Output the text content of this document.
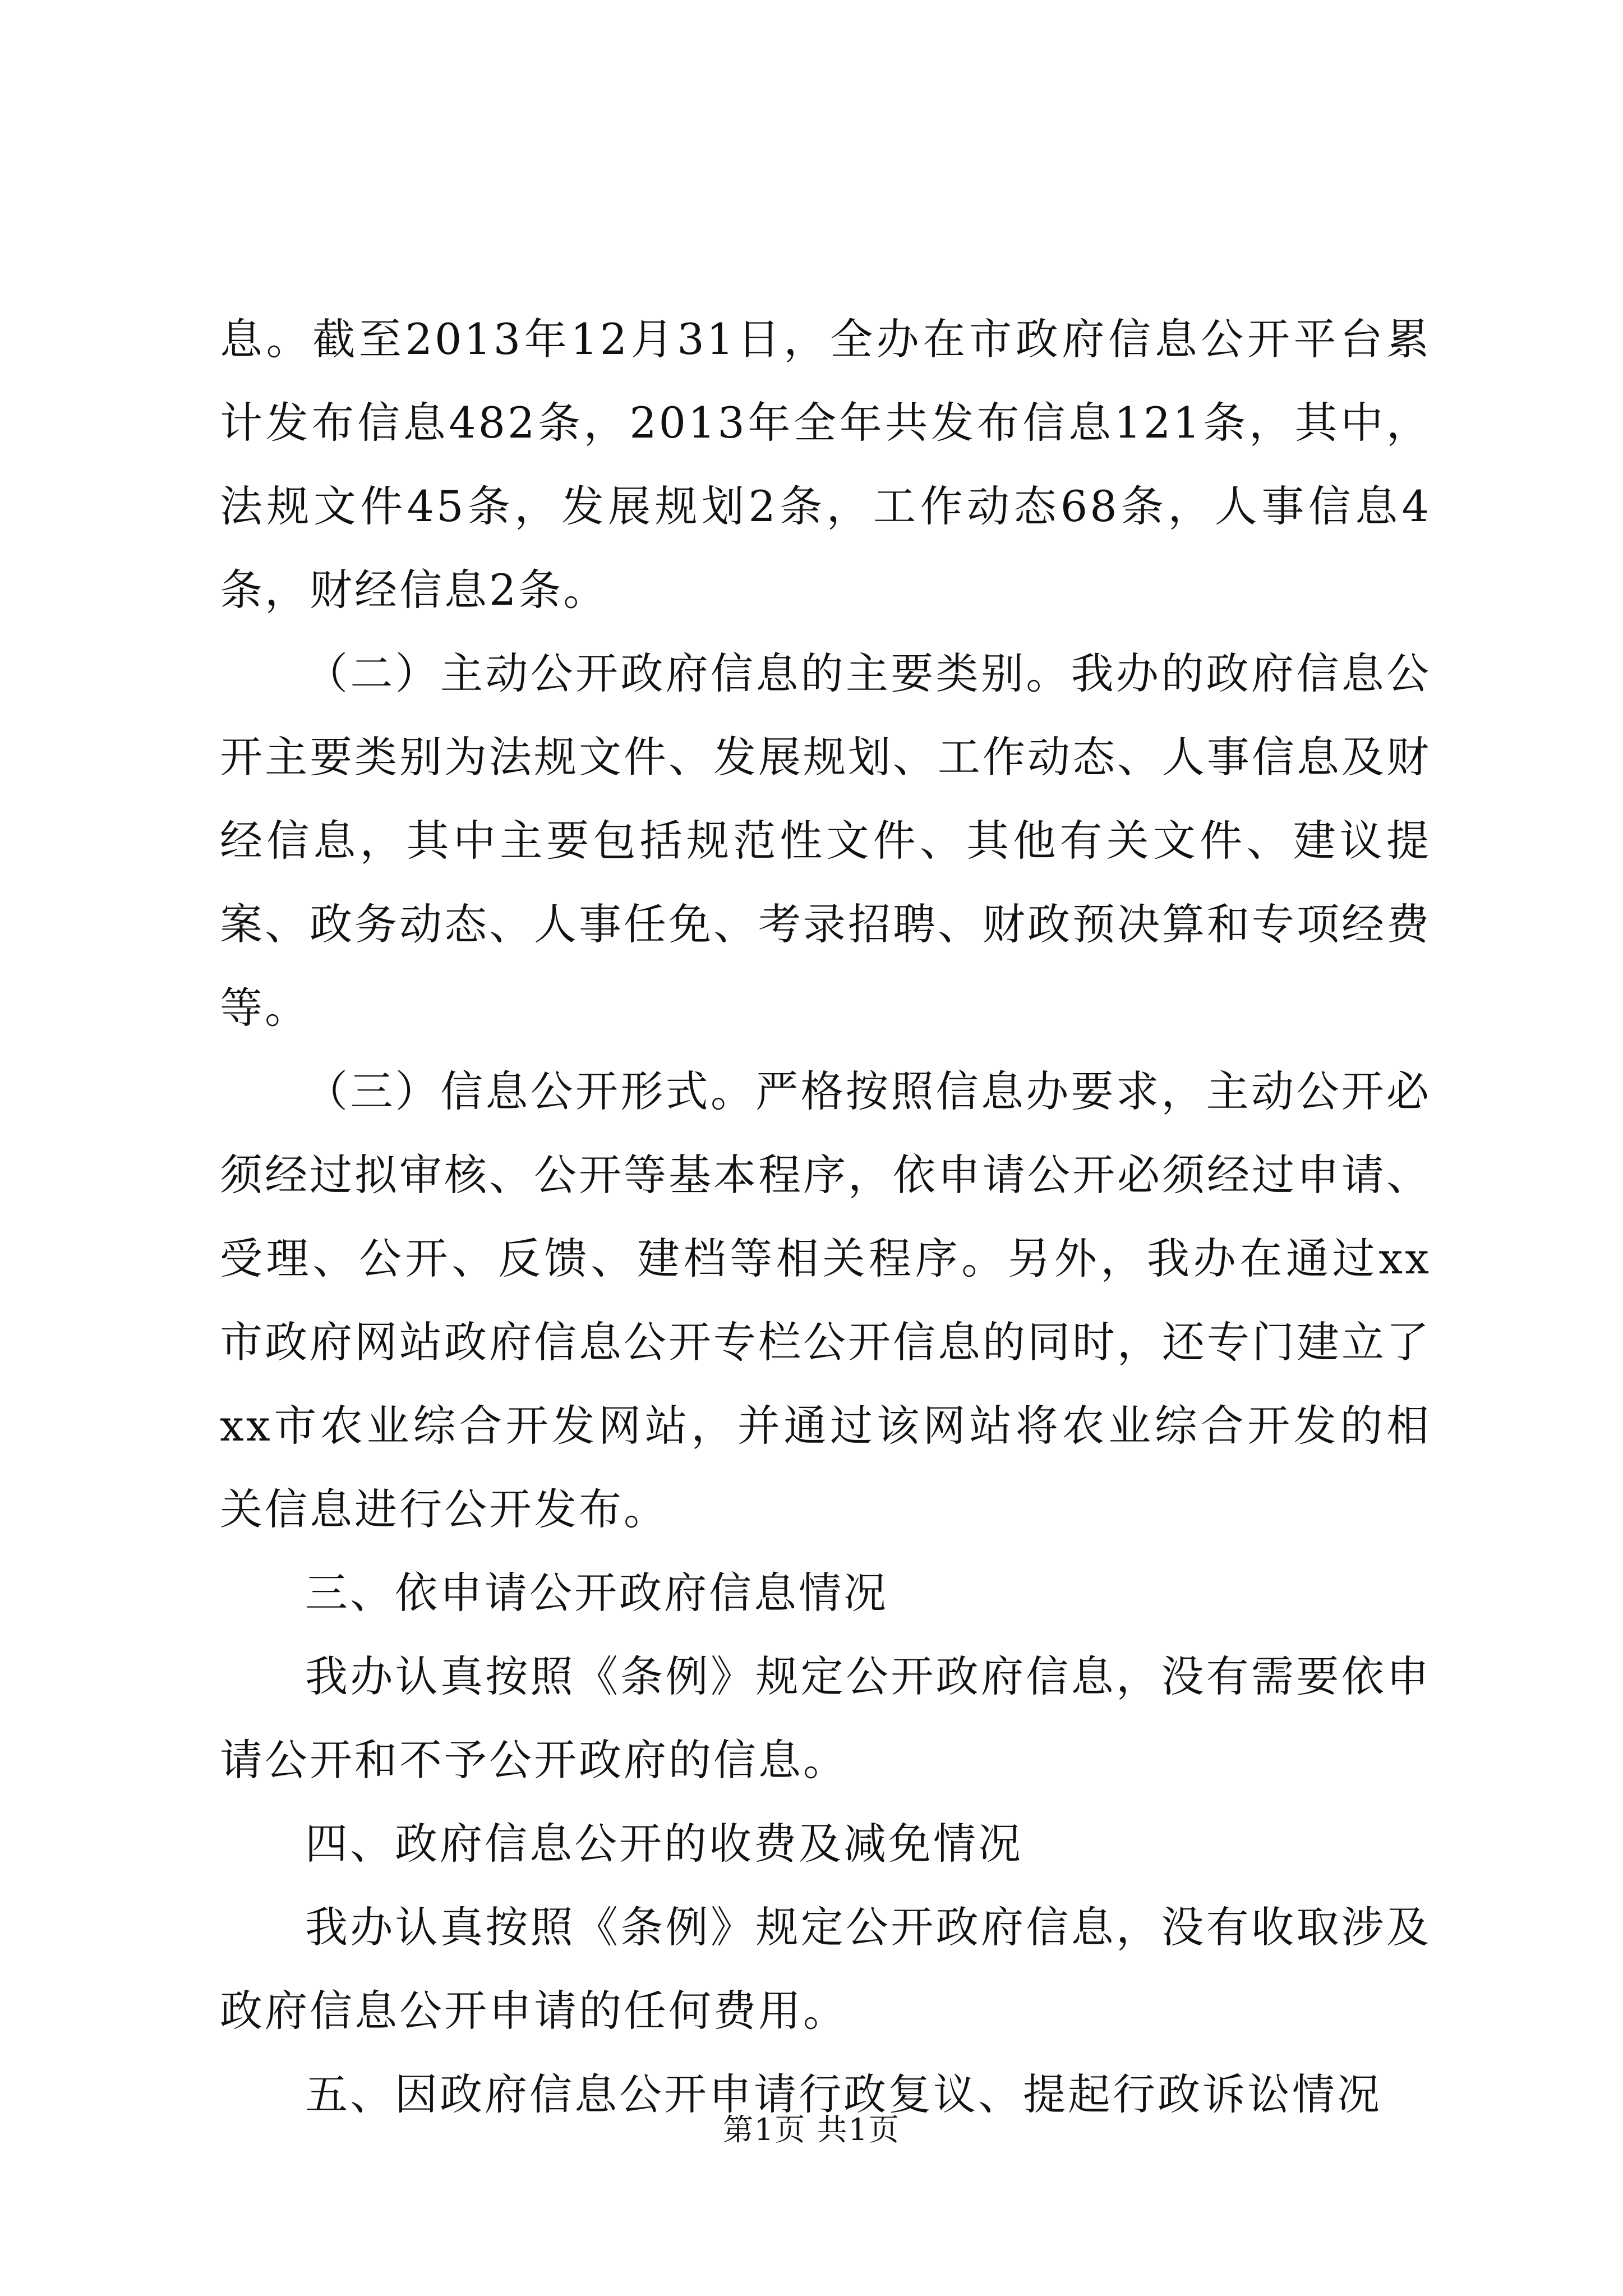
息。截至2013年12月31日，全办在市政府信息公开平台累计发布信息482条，2013年全年共发布信息121条，其中，法规文件45条，发展规划2条，工作动态68条，人事信息4条，财经信息2条。

（二）主动公开政府信息的主要类别。我办的政府信息公开主要类别为法规文件、发展规划、工作动态、人事信息及财经信息，其中主要包括规范性文件、其他有关文件、建议提案、政务动态、人事任免、考录招聘、财政预决算和专项经费等。

（三）信息公开形式。严格按照信息办要求，主动公开必须经过拟审核、公开等基本程序，依申请公开必须经过申请、受理、公开、反馈、建档等相关程序。另外，我办在通过xx市政府网站政府信息公开专栏公开信息的同时，还专门建立了xx市农业综合开发网站，并通过该网站将农业综合开发的相关信息进行公开发布。

三、依申请公开政府信息情况

我办认真按照《条例》规定公开政府信息，没有需要依申请公开和不予公开政府的信息。

四、政府信息公开的收费及减免情况

我办认真按照《条例》规定公开政府信息，没有收取涉及政府信息公开申请的任何费用。

五、因政府信息公开申请行政复议、提起行政诉讼情况

第1页 共1页
